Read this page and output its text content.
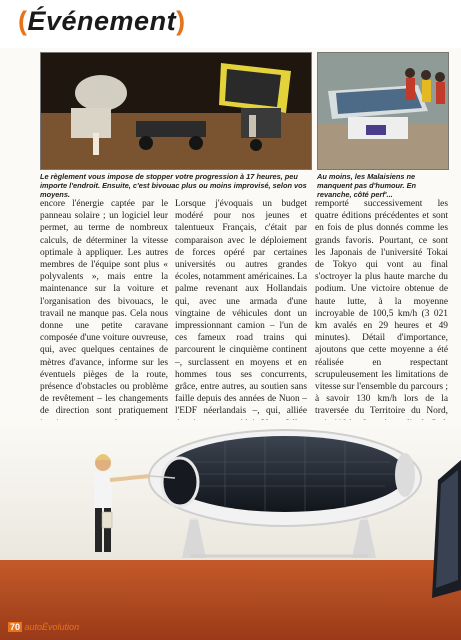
(Événement)

Le règlement vous impose de stopper votre progression à 17 heures, peu importe l'endroit. Ensuite, c'est bivouac plus ou moins improvisé, selon vos moyens.

Au moins, les Malaisiens ne manquent pas d'humour. En revanche, côté perf'...

encore l'énergie captée par le panneau solaire ; un logiciel leur permet, au terme de nombreux calculs, de déterminer la vitesse optimale à appliquer. Les autres membres de l'équipe sont plus « polyvalents », mais entre la maintenance sur la voiture et l'organisation des bivouacs, le travail ne manque pas. Cela nous donne une petite caravane composée d'une voiture ouvreuse, qui, avec quelques centaines de mètres d'avance, informe sur les éventuels pièges de la route, présence d'obstacles ou problème de revêtement – les changements de direction sont pratiquement

Lorsque j'évoquais un budget modéré pour nos jeunes et talentueux Français, c'était par comparaison avec le déploiement de forces opéré par certaines universités ou autres grandes écoles, notamment américaines. La palme revenant aux Hollandais qui, avec une armada d'une vingtaine de véhicules dont un impressionnant camion – l'un de ces fameux road trains qui parcourent le cinquième continent –, surclassent en moyens et en hommes tous ses concurrents, grâce, entre autres, au soutien sans faille depuis des années de Nuon – l'EDF néerlandais –, qui, alliée

remporté successivement les quatre éditions précédentes et sont en fois de plus donnés comme les grands favoris. Pourtant, ce sont les Japonais de l'université Tokai de Tokyo qui vont au final s'octroyer la plus haute marche du podium. Une victoire obtenue de haute lutte, à la moyenne incroyable de 100,5 km/h (3 021 km avalés en 29 heures et 49 minutes). Détail d'importance, ajoutons que cette moyenne a été réalisée en respectant scrupuleusement les limitations de vitesse sur l'ensemble du parcours ; à savoir 130 km/h lors de la traversée du Territoire du Nord,

70 autoÉvolution
